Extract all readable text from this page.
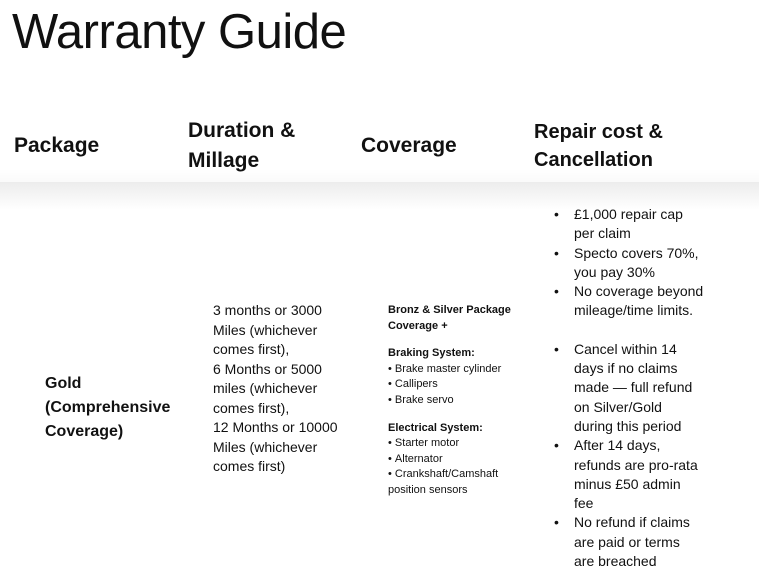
Warranty Guide
Package
Duration &
Millage
Coverage
Repair cost &
Cancellation
Gold
(Comprehensive
Coverage)
3 months or 3000
Miles (whichever
comes first),
6 Months or 5000
miles (whichever
comes first),
12 Months or 10000
Miles (whichever
comes first)
Bronz & Silver Package
Coverage +
Braking System:
• Brake master cylinder
• Callipers
• Brake servo
Electrical System:
• Starter motor
• Alternator
• Crankshaft/Camshaft
position sensors
• £1,000 repair cap
per claim
• Specto covers 70%,
you pay 30%
• No coverage beyond
mileage/time limits.
• Cancel within 14
days if no claims
made — full refund
on Silver/Gold
during this period
• After 14 days,
refunds are pro-rata
minus £50 admin
fee
• No refund if claims
are paid or terms
are breached
